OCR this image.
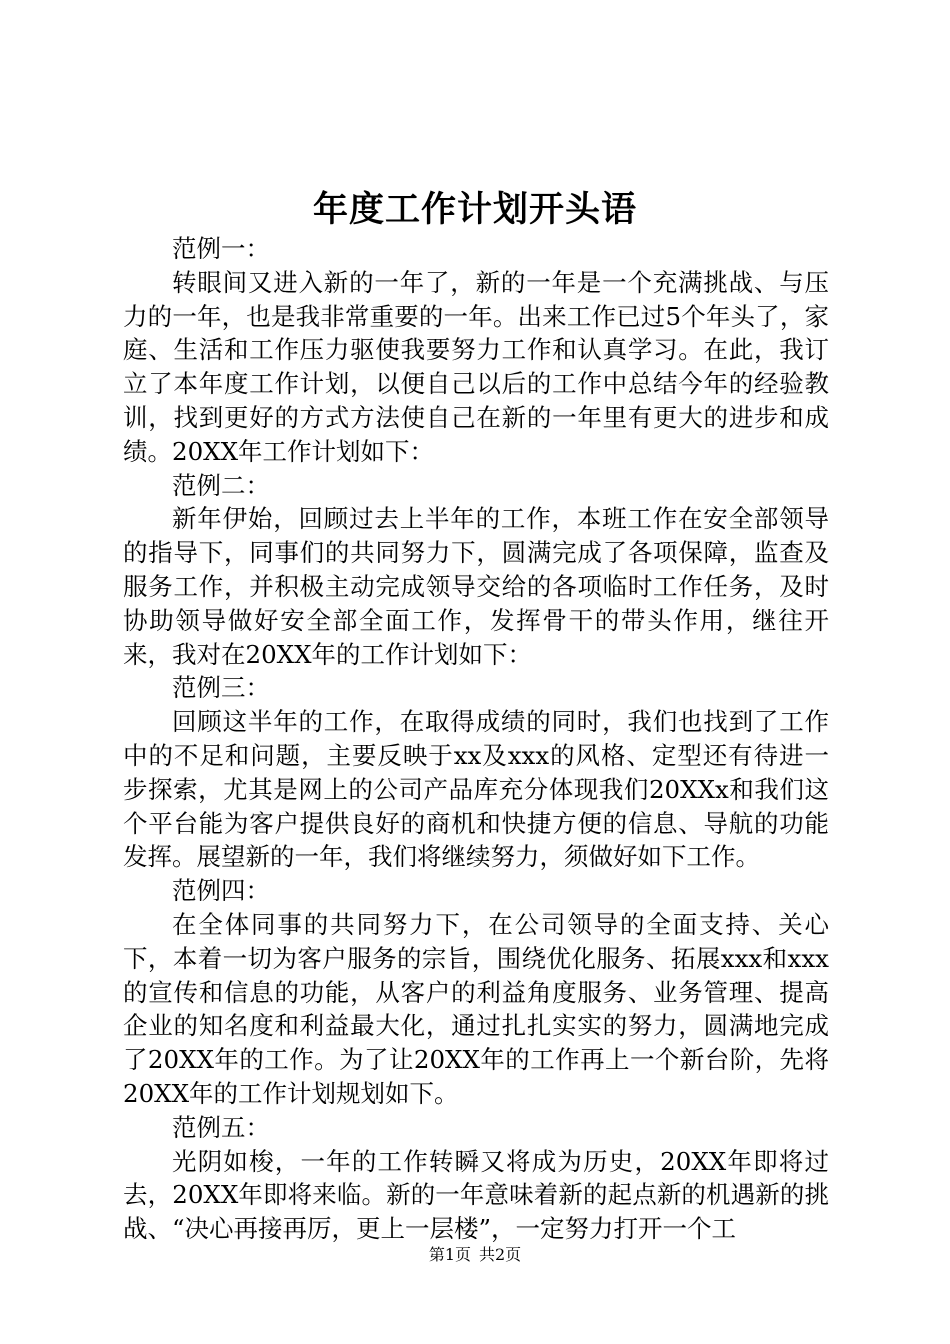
年度工作计划开头语

范例一：

转眼间又进入新的一年了，新的一年是一个充满挑战、与压力的一年，也是我非常重要的一年。出来工作已过5个年头了，家庭、生活和工作压力驱使我要努力工作和认真学习。在此，我订立了本年度工作计划，以便自己以后的工作中总结今年的经验教训，找到更好的方式方法使自己在新的一年里有更大的进步和成绩。20XX年工作计划如下：

范例二：

新年伊始，回顾过去上半年的工作，本班工作在安全部领导的指导下，同事们的共同努力下，圆满完成了各项保障，监查及服务工作，并积极主动完成领导交给的各项临时工作任务，及时协助领导做好安全部全面工作，发挥骨干的带头作用，继往开来，我对在20XX年的工作计划如下：

范例三：

回顾这半年的工作，在取得成绩的同时，我们也找到了工作中的不足和问题，主要反映于xx及xxx的风格、定型还有待进一步探索，尤其是网上的公司产品库充分体现我们20XXx和我们这个平台能为客户提供良好的商机和快捷方便的信息、导航的功能发挥。展望新的一年，我们将继续努力，须做好如下工作。

范例四：

在全体同事的共同努力下，在公司领导的全面支持、关心下，本着一切为客户服务的宗旨，围绕优化服务、拓展xxx和xxx的宣传和信息的功能，从客户的利益角度服务、业务管理、提高企业的知名度和利益最大化，通过扎扎实实的努力，圆满地完成了20XX年的工作。为了让20XX年的工作再上一个新台阶，先将20XX年的工作计划规划如下。

范例五：

光阴如梭，一年的工作转瞬又将成为历史，20XX年即将过去，20XX年即将来临。新的一年意味着新的起点新的机遇新的挑战、“决心再接再厉，更上一层楼”，一定努力打开一个工

第1页 共2页
